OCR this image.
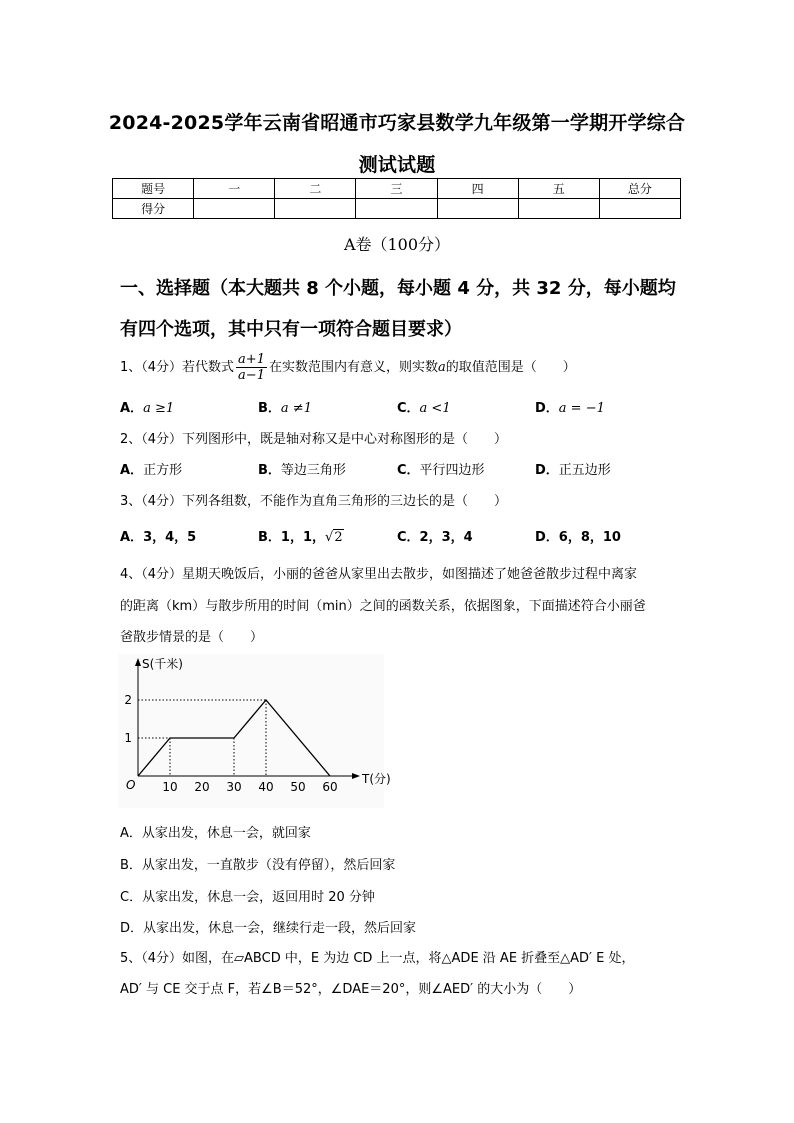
2024-2025学年云南省昭通市巧家县数学九年级第一学期开学综合
测试试题
题号	一	二	三	四	五	总分
得分						
A卷（100分）
一、选择题（本大题共 8 个小题，每小题 4 分，共 32 分，每小题均
有四个选项，其中只有一项符合题目要求）
1、（4分）若代数式 $\frac{a+1}{a-1}$ 在实数范围内有意义，则实数a的取值范围是（　　）
A．a ≥1	B．a ≠1	C．a <1	D．a = −1
2、（4分）下列图形中，既是轴对称又是中心对称图形的是（　　）
A．正方形	B．等边三角形	C．平行四边形	D．正五边形
3、（4分）下列各组数，不能作为直角三角形的三边长的是（　　）
A．3，4，5	B．1，1，√2	C．2，3，4	D．6，8，10
4、（4分）星期天晚饭后，小丽的爸爸从家里出去散步，如图描述了她爸爸散步过程中离家
的距离（km）与散步所用的时间（min）之间的函数关系，依据图象，下面描述符合小丽爸
爸散步情景的是（　　）
S(千米)
T(分)
O 10 20 30 40 50 60
1
2
A．从家出发，休息一会，就回家
B．从家出发，一直散步（没有停留），然后回家
C．从家出发，休息一会，返回用时 20 分钟
D．从家出发，休息一会，继续行走一段，然后回家
5、（4分）如图，在▱ABCD 中，E 为边 CD 上一点，将△ADE 沿 AE 折叠至△AD′ E 处，
AD′ 与 CE 交于点 F，若∠B＝52°，∠DAE＝20°，则∠AED′ 的大小为（　　）
